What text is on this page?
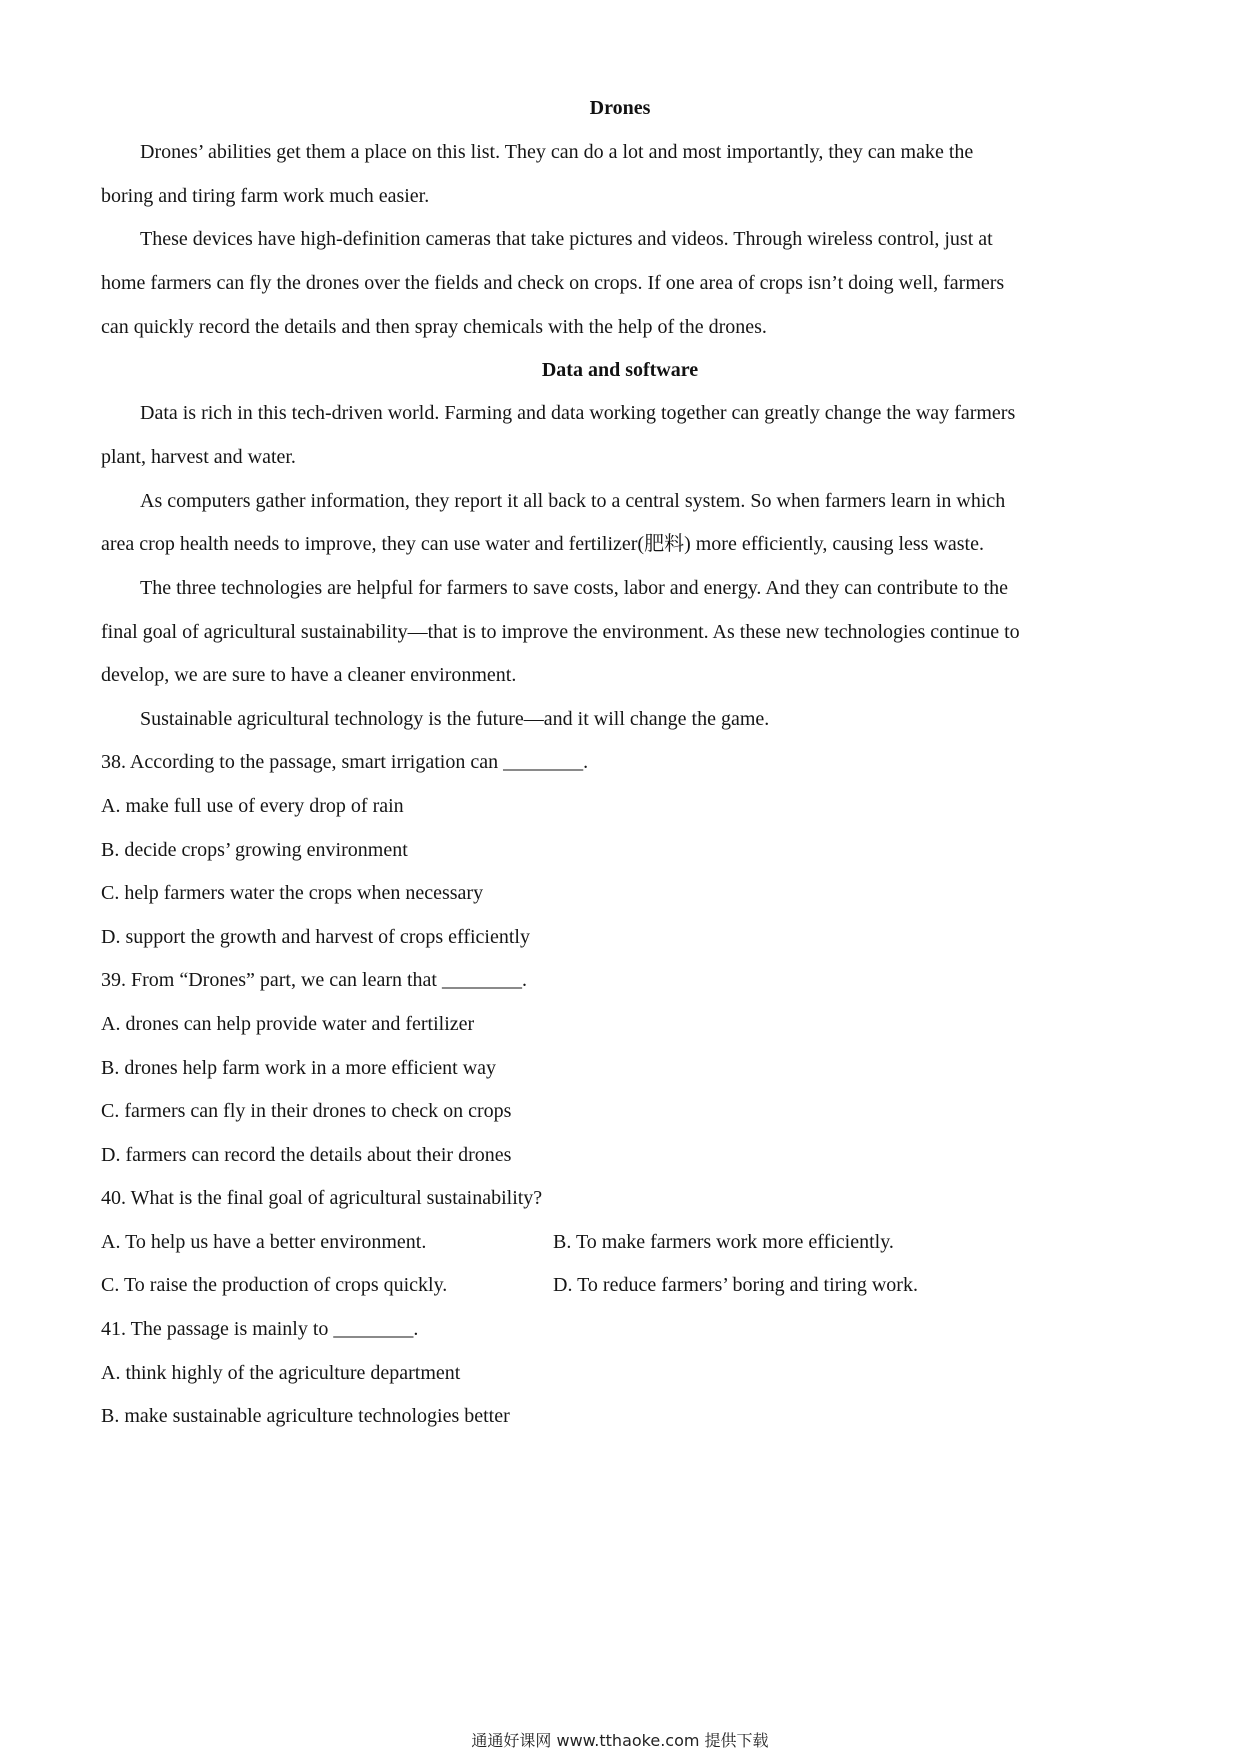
Drones
Drones’ abilities get them a place on this list. They can do a lot and most importantly, they can make the
boring and tiring farm work much easier.
These devices have high-definition cameras that take pictures and videos. Through wireless control, just at
home farmers can fly the drones over the fields and check on crops. If one area of crops isn’t doing well, farmers
can quickly record the details and then spray chemicals with the help of the drones.
Data and software
Data is rich in this tech-driven world. Farming and data working together can greatly change the way farmers
plant, harvest and water.
As computers gather information, they report it all back to a central system. So when farmers learn in which
area crop health needs to improve, they can use water and fertilizer(肥料) more efficiently, causing less waste.
The three technologies are helpful for farmers to save costs, labor and energy. And they can contribute to the
final goal of agricultural sustainability—that is to improve the environment. As these new technologies continue to
develop, we are sure to have a cleaner environment.
Sustainable agricultural technology is the future—and it will change the game.
38. According to the passage, smart irrigation can ________.
A. make full use of every drop of rain
B. decide crops’ growing environment
C. help farmers water the crops when necessary
D. support the growth and harvest of crops efficiently
39. From “Drones” part, we can learn that ________.
A. drones can help provide water and fertilizer
B. drones help farm work in a more efficient way
C. farmers can fly in their drones to check on crops
D. farmers can record the details about their drones
40. What is the final goal of agricultural sustainability?
A. To help us have a better environment.	B. To make farmers work more efficiently.
C. To raise the production of crops quickly.	D. To reduce farmers’ boring and tiring work.
41. The passage is mainly to ________.
A. think highly of the agriculture department
B. make sustainable agriculture technologies better
通通好课网 www.tthaoke.com 提供下载
